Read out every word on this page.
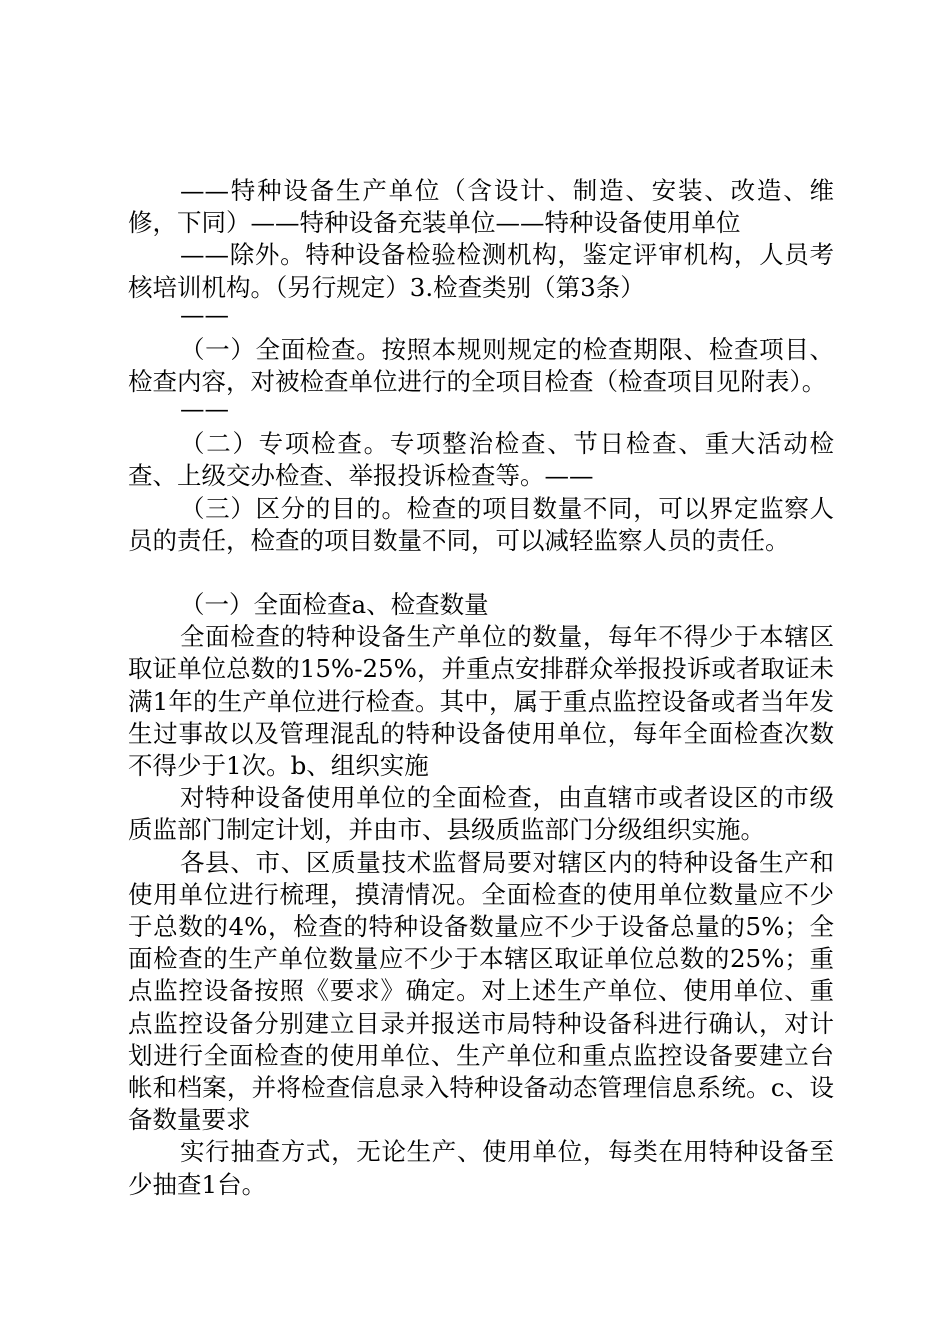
——特种设备生产单位（含设计、制造、安装、改造、维修，下同）——特种设备充装单位——特种设备使用单位

——除外。特种设备检验检测机构，鉴定评审机构，人员考核培训机构。（另行规定）3.检查类别（第3条）

——

（一）全面检查。按照本规则规定的检查期限、检查项目、检查内容，对被检查单位进行的全项目检查（检查项目见附表）。

——

（二）专项检查。专项整治检查、节日检查、重大活动检查、上级交办检查、举报投诉检查等。——

（三）区分的目的。检查的项目数量不同，可以界定监察人员的责任，检查的项目数量不同，可以减轻监察人员的责任。

（一）全面检查a、检查数量

全面检查的特种设备生产单位的数量，每年不得少于本辖区取证单位总数的15%-25%，并重点安排群众举报投诉或者取证未满1年的生产单位进行检查。其中，属于重点监控设备或者当年发生过事故以及管理混乱的特种设备使用单位，每年全面检查次数不得少于1次。b、组织实施

对特种设备使用单位的全面检查，由直辖市或者设区的市级质监部门制定计划，并由市、县级质监部门分级组织实施。

各县、市、区质量技术监督局要对辖区内的特种设备生产和使用单位进行梳理，摸清情况。全面检查的使用单位数量应不少于总数的4%，检查的特种设备数量应不少于设备总量的5%；全面检查的生产单位数量应不少于本辖区取证单位总数的25%；重点监控设备按照《要求》确定。对上述生产单位、使用单位、重点监控设备分别建立目录并报送市局特种设备科进行确认，对计划进行全面检查的使用单位、生产单位和重点监控设备要建立台帐和档案，并将检查信息录入特种设备动态管理信息系统。c、设备数量要求

实行抽查方式，无论生产、使用单位，每类在用特种设备至少抽查1台。
